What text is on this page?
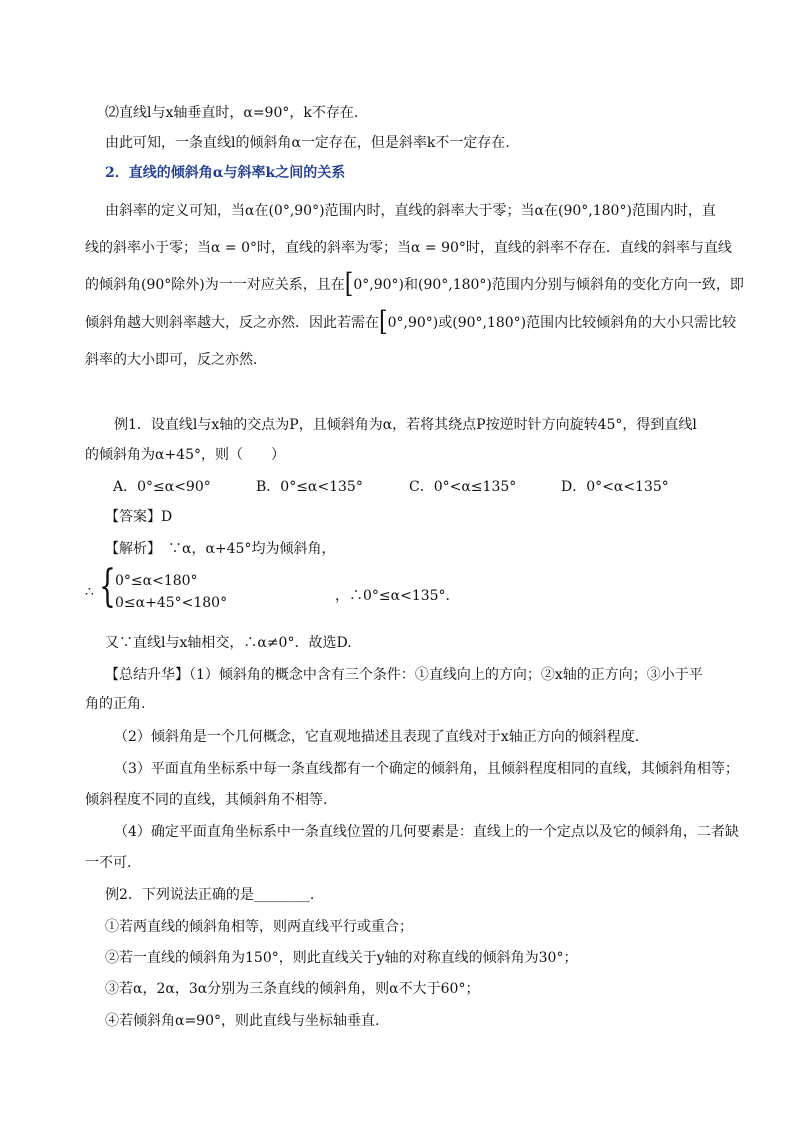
⑵直线l与x轴垂直时，α=90°，k不存在.
由此可知，一条直线l的倾斜角α一定存在，但是斜率k不一定存在.
2．直线的倾斜角α与斜率k之间的关系
由斜率的定义可知，当α在(0°,90°)范围内时，直线的斜率大于零；当α在(90°,180°)范围内时，直
线的斜率小于零；当α = 0°时，直线的斜率为零；当α = 90°时，直线的斜率不存在．直线的斜率与直线
的倾斜角(90°除外)为一一对应关系，且在[0°,90°)和(90°,180°)范围内分别与倾斜角的变化方向一致，即
倾斜角越大则斜率越大，反之亦然．因此若需在[0°,90°)或(90°,180°)范围内比较倾斜角的大小只需比较
斜率的大小即可，反之亦然．
例1．设直线l与x轴的交点为P，且倾斜角为α，若将其绕点P按逆时针方向旋转45°，得到直线l
的倾斜角为α+45°，则（　　）
A．0°≤α<90°	B．0°≤α<135°	C．0°<α≤135°	D．0°<α<135°
【答案】D
【解析】　∵α，α+45°均为倾斜角，
∴ { 0°≤α<180°
0≤α+45°<180°	，∴0°≤α<135°．
又∵直线l与x轴相交，∴α≠0°．故选D.
【总结升华】（1）倾斜角的概念中含有三个条件：①直线向上的方向；②x轴的正方向；③小于平
角的正角.
（2）倾斜角是一个几何概念，它直观地描述且表现了直线对于x轴正方向的倾斜程度.
（3）平面直角坐标系中每一条直线都有一个确定的倾斜角，且倾斜程度相同的直线，其倾斜角相等；
倾斜程度不同的直线，其倾斜角不相等.
（4）确定平面直角坐标系中一条直线位置的几何要素是：直线上的一个定点以及它的倾斜角，二者缺
一不可.
例2．下列说法正确的是________.
①若两直线的倾斜角相等，则两直线平行或重合；
②若一直线的倾斜角为150°，则此直线关于y轴的对称直线的倾斜角为30°；
③若α，2α，3α分别为三条直线的倾斜角，则α不大于60°；
④若倾斜角α=90°，则此直线与坐标轴垂直.
